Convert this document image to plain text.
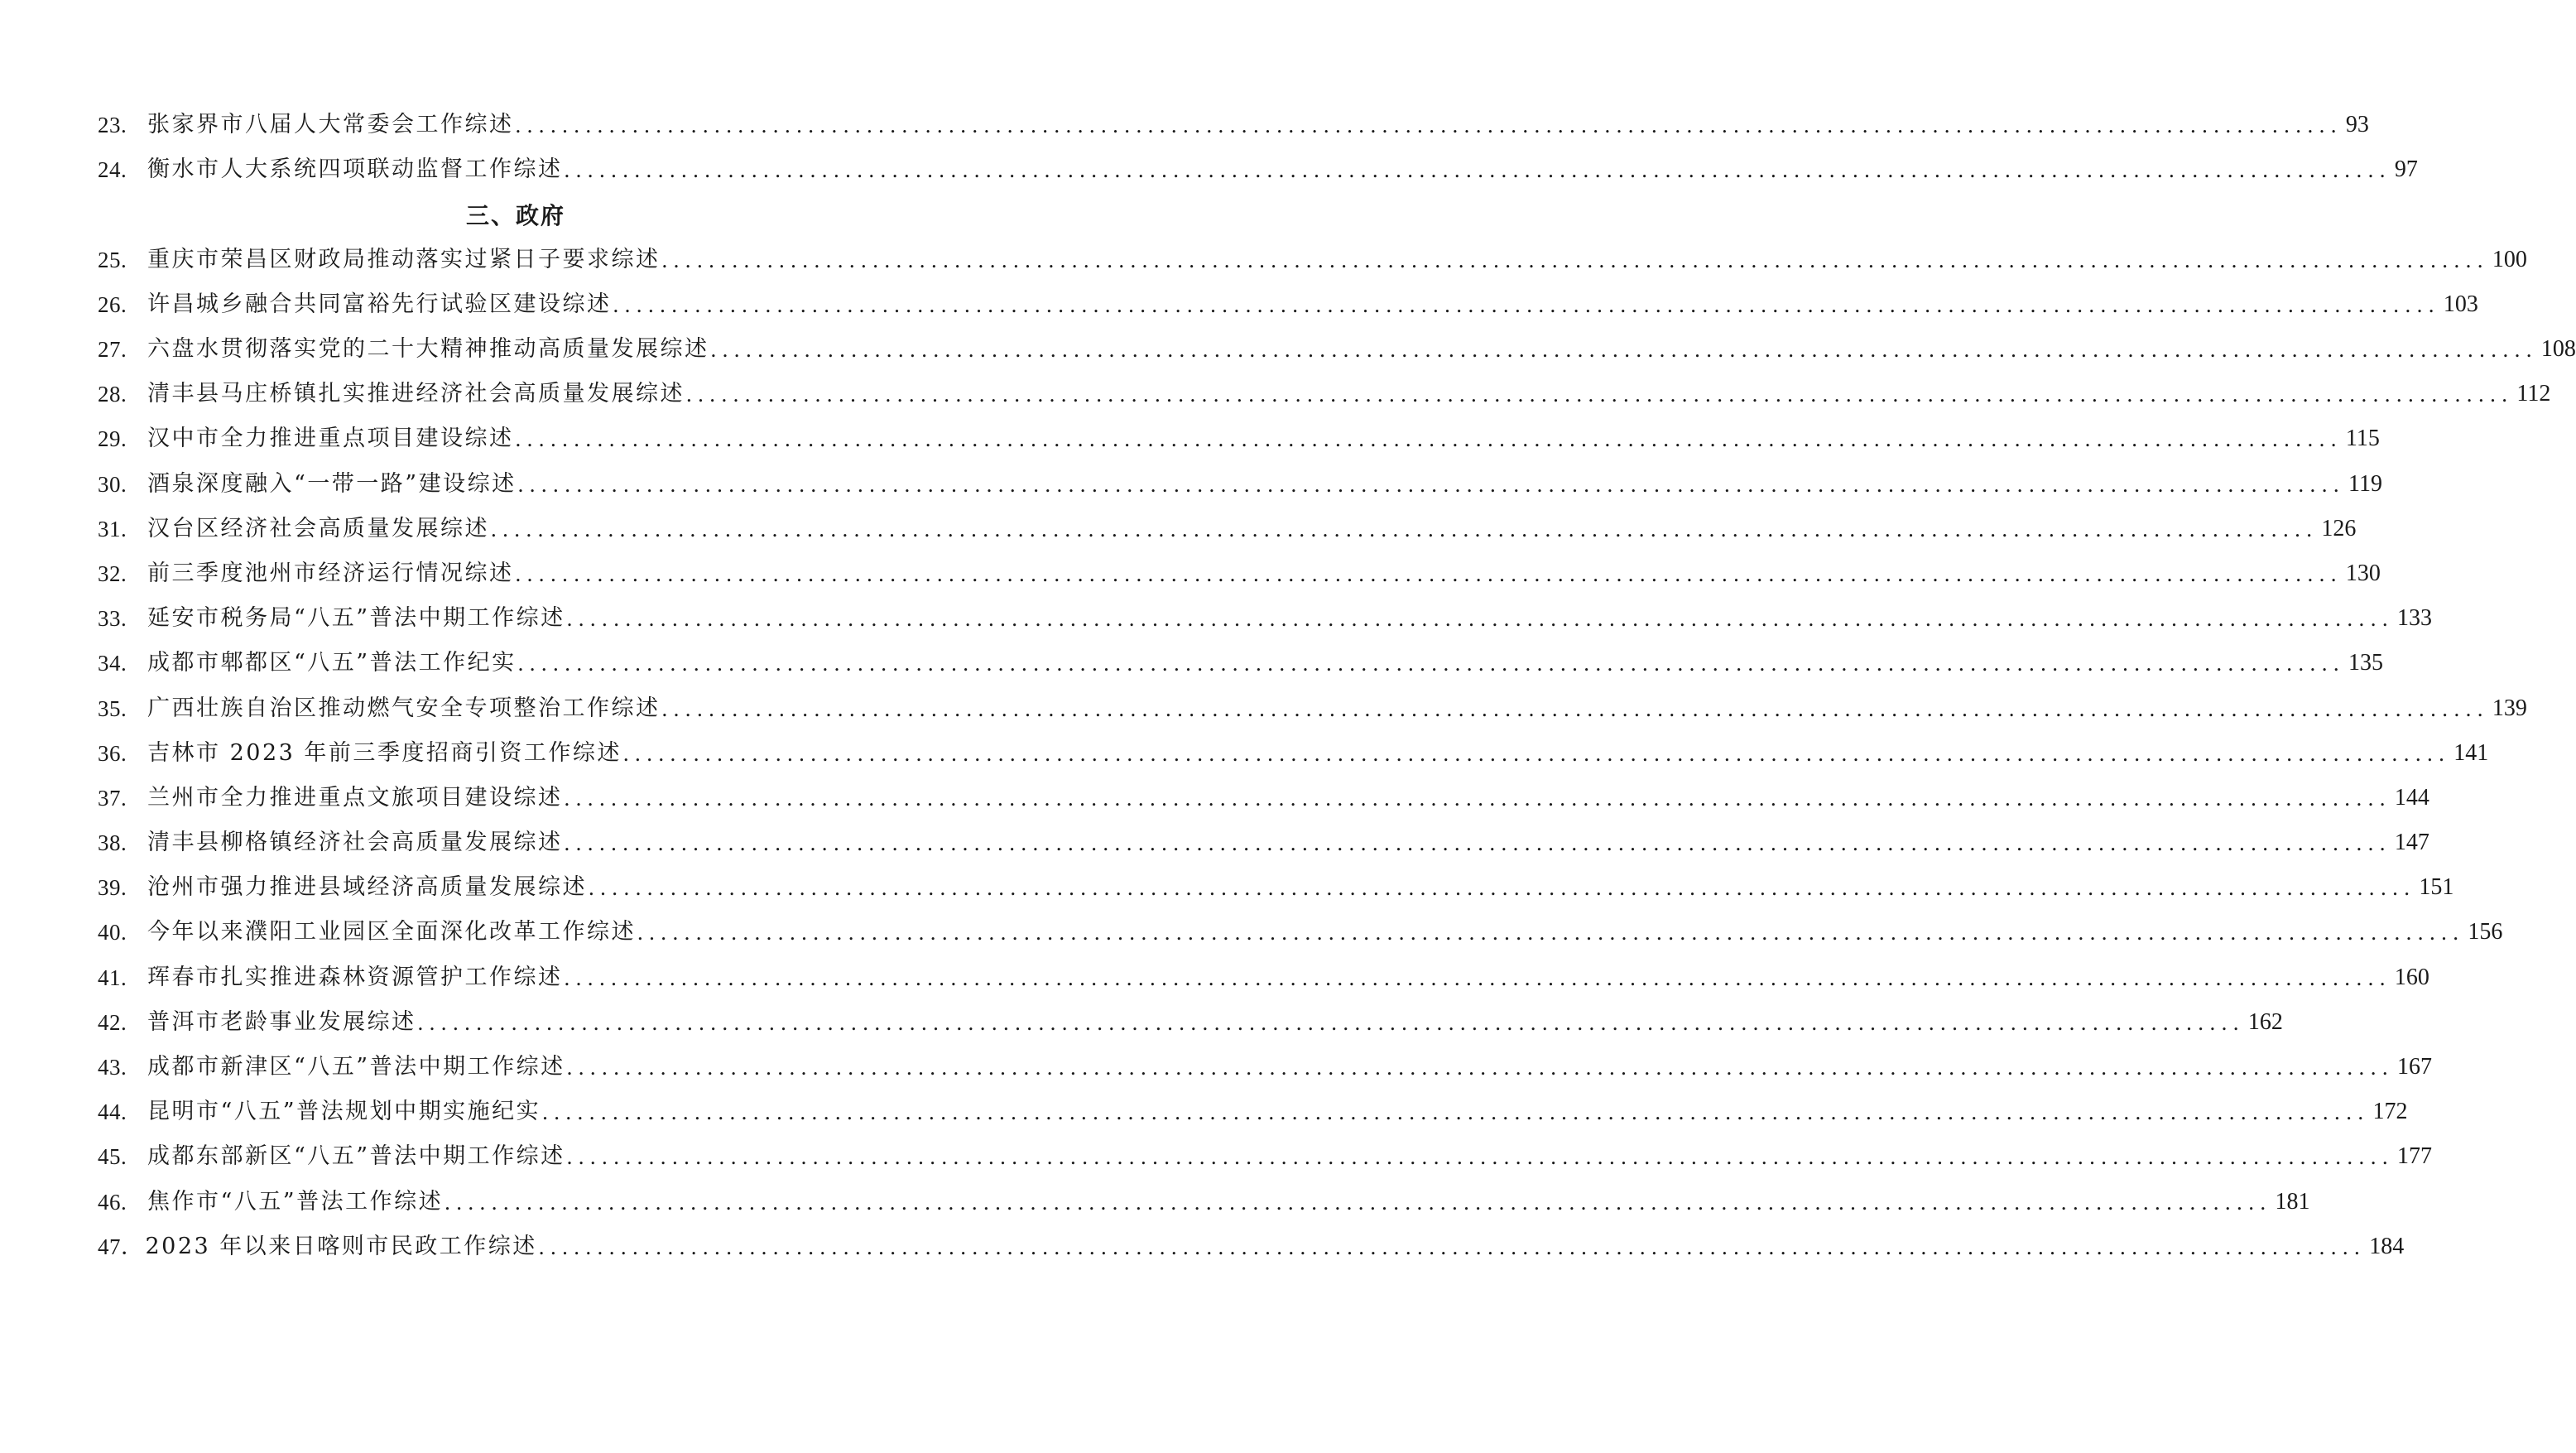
23. 张家界市八届人大常委会工作综述 ............................................................................................................................................................ 93
24. 衡水市人大系统四项联动监督工作综述 ............................................................................................................................................................ 97
三、政府
25. 重庆市荣昌区财政局推动落实过紧日子要求综述 ............................................................................................................................................................ 100
26. 许昌城乡融合共同富裕先行试验区建设综述 ............................................................................................................................................................ 103
27. 六盘水贯彻落实党的二十大精神推动高质量发展综述 ............................................................................................................................................................ 108
28. 清丰县马庄桥镇扎实推进经济社会高质量发展综述 ............................................................................................................................................................ 112
29. 汉中市全力推进重点项目建设综述 ............................................................................................................................................................ 115
30. 酒泉深度融入“一带一路”建设综述 ............................................................................................................................................................ 119
31. 汉台区经济社会高质量发展综述 ............................................................................................................................................................ 126
32. 前三季度池州市经济运行情况综述 ............................................................................................................................................................ 130
33. 延安市税务局“八五”普法中期工作综述 ............................................................................................................................................................ 133
34. 成都市郫都区“八五”普法工作纪实 ............................................................................................................................................................ 135
35. 广西壮族自治区推动燃气安全专项整治工作综述 ............................................................................................................................................................ 139
36. 吉林市 2023 年前三季度招商引资工作综述 ............................................................................................................................................................ 141
37. 兰州市全力推进重点文旅项目建设综述 ............................................................................................................................................................ 144
38. 清丰县柳格镇经济社会高质量发展综述 ............................................................................................................................................................ 147
39. 沧州市强力推进县域经济高质量发展综述 ............................................................................................................................................................ 151
40. 今年以来濮阳工业园区全面深化改革工作综述 ............................................................................................................................................................ 156
41. 珲春市扎实推进森林资源管护工作综述 ............................................................................................................................................................ 160
42. 普洱市老龄事业发展综述 ............................................................................................................................................................ 162
43. 成都市新津区“八五”普法中期工作综述 ............................................................................................................................................................ 167
44. 昆明市“八五”普法规划中期实施纪实 ............................................................................................................................................................ 172
45. 成都东部新区“八五”普法中期工作综述 ............................................................................................................................................................ 177
46. 焦作市“八五”普法工作综述 ............................................................................................................................................................ 181
47． 2023 年以来日喀则市民政工作综述 ............................................................................................................................................................ 184
